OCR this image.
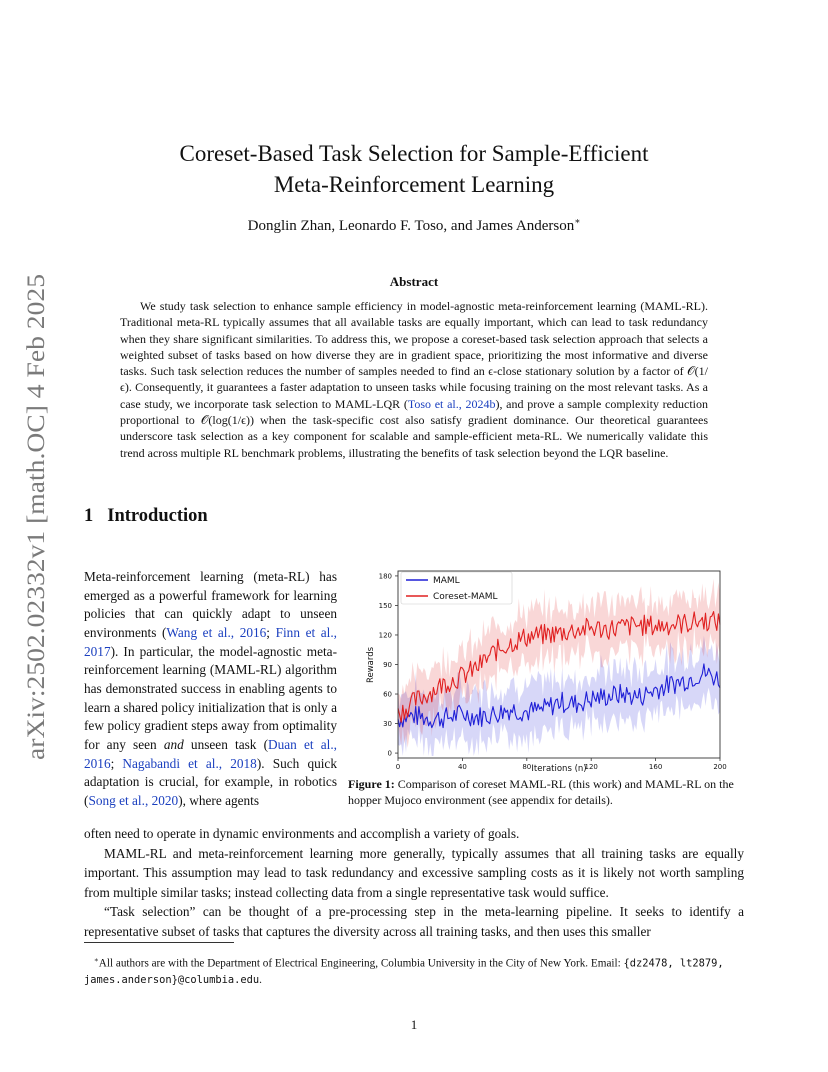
arXiv:2502.02332v1 [math.OC] 4 Feb 2025
Coreset-Based Task Selection for Sample-Efficient
Meta-Reinforcement Learning

Donglin Zhan, Leonardo F. Toso, and James Anderson∗

Abstract

We study task selection to enhance sample efficiency in model-agnostic meta-reinforcement learning (MAML-RL). Traditional meta-RL typically assumes that all available tasks are equally important, which can lead to task redundancy when they share significant similarities. To address this, we propose a coreset-based task selection approach that selects a weighted subset of tasks based on how diverse they are in gradient space, prioritizing the most informative and diverse tasks. Such task selection reduces the number of samples needed to find an ϵ-close stationary solution by a factor of 𝒪(1/ϵ). Consequently, it guarantees a faster adaptation to unseen tasks while focusing training on the most relevant tasks. As a case study, we incorporate task selection to MAML-LQR (Toso et al., 2024b), and prove a sample complexity reduction proportional to 𝒪(log(1/ϵ)) when the task-specific cost also satisfy gradient dominance. Our theoretical guarantees underscore task selection as a key component for scalable and sample-efficient meta-RL. We numerically validate this trend across multiple RL benchmark problems, illustrating the benefits of task selection beyond the LQR baseline.

1 Introduction

Meta-reinforcement learning (meta-RL) has emerged as a powerful framework for learning policies that can quickly adapt to unseen environments (Wang et al., 2016; Finn et al., 2017). In particular, the model-agnostic meta-reinforcement learning (MAML-RL) algorithm has demonstrated success in enabling agents to learn a shared policy initialization that is only a few policy gradient steps away from optimality for any seen and unseen task (Duan et al., 2016; Nagabandi et al., 2018). Such quick adaptation is crucial, for example, in robotics (Song et al., 2020), where agents

0	40	80	120	160	200
0
30
60
90
120
150
180
Iterations (n)
Rewards
MAML
Coreset-MAML

Figure 1: Comparison of coreset MAML-RL (this work) and MAML-RL on the hopper Mujoco environment (see appendix for details).

often need to operate in dynamic environments and accomplish a variety of goals.

MAML-RL and meta-reinforcement learning more generally, typically assumes that all training tasks are equally important. This assumption may lead to task redundancy and excessive sampling costs as it is likely not worth sampling from multiple similar tasks; instead collecting data from a single representative task would suffice.

“Task selection” can be thought of a pre-processing step in the meta-learning pipeline. It seeks to identify a representative subset of tasks that captures the diversity across all training tasks, and then uses this smaller

∗All authors are with the Department of Electrical Engineering, Columbia University in the City of New York. Email: {dz2478, lt2879, james.anderson}@columbia.edu.

1
